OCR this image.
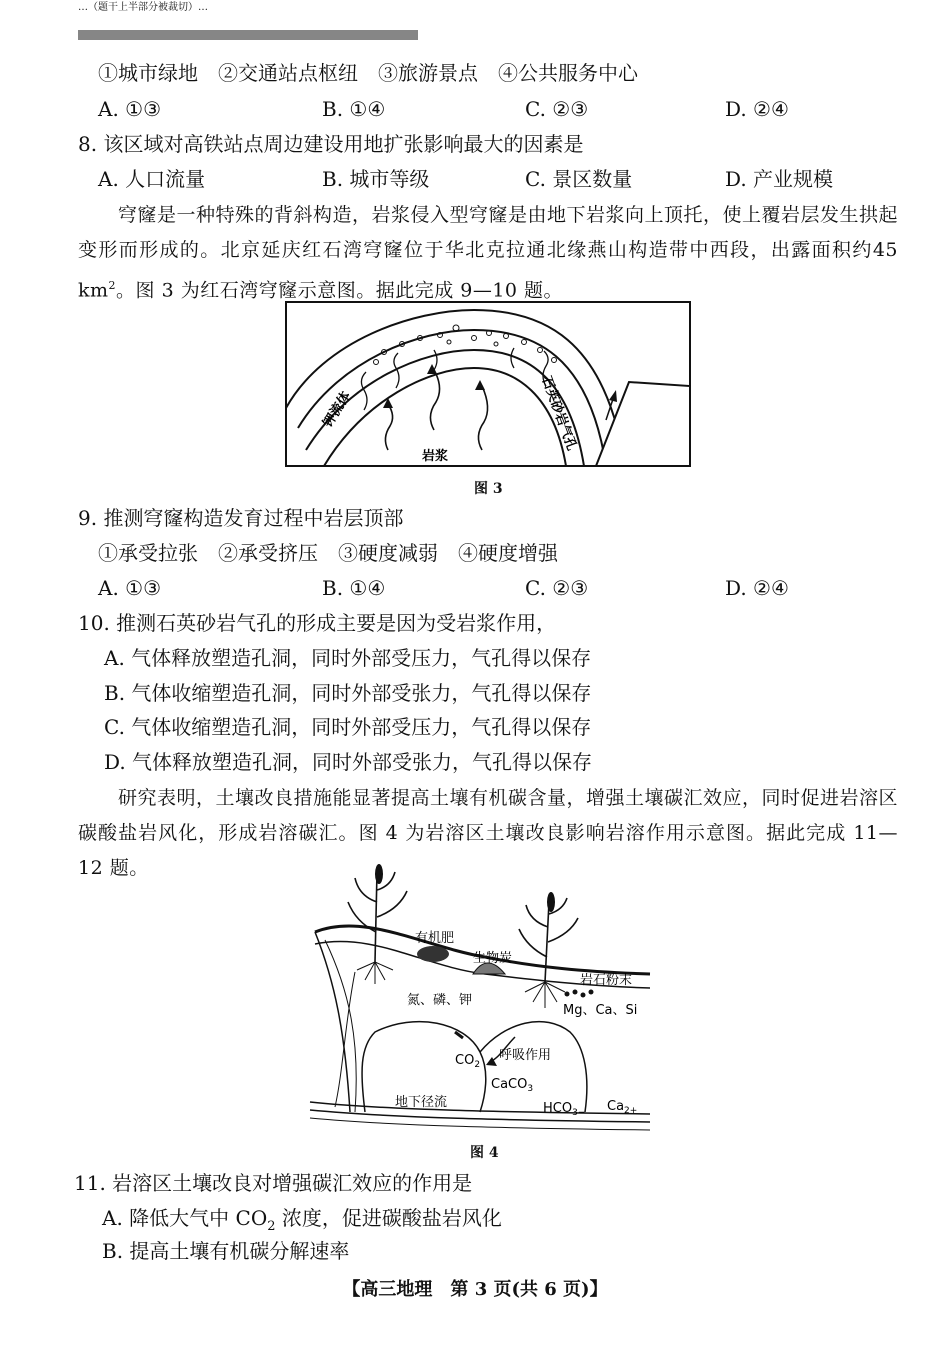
…（题干上半部分被裁切）…
①城市绿地　②交通站点枢纽　③旅游景点　④公共服务中心
A. ①③	B. ①④	C. ②③	D. ②④
8. 该区域对高铁站点周边建设用地扩张影响最大的因素是
A. 人口流量	B. 城市等级	C. 景区数量	D. 产业规模
穹窿是一种特殊的背斜构造，岩浆侵入型穹窿是由地下岩浆向上顶托，使上覆岩层发生拱起变形而形成的。北京延庆红石湾穹窿位于华北克拉通北缘燕山构造带中西段，出露面积约45 $km^2$。图 3 为红石湾穹窿示意图。据此完成 9—10 题。
钾流体	石英砂岩气孔
岩浆
图 3
9. 推测穹窿构造发育过程中岩层顶部
①承受拉张　②承受挤压　③硬度减弱　④硬度增强
A. ①③	B. ①④	C. ②③	D. ②④
10. 推测石英砂岩气孔的形成主要是因为受岩浆作用，
A. 气体释放塑造孔洞，同时外部受压力，气孔得以保存
B. 气体收缩塑造孔洞，同时外部受张力，气孔得以保存
C. 气体收缩塑造孔洞，同时外部受压力，气孔得以保存
D. 气体释放塑造孔洞，同时外部受张力，气孔得以保存
研究表明，土壤改良措施能显著提高土壤有机碳含量，增强土壤碳汇效应，同时促进岩溶区碳酸盐岩风化，形成岩溶碳汇。图 4 为岩溶区土壤改良影响岩溶作用示意图。据此完成 11—12 题。
有机肥
生物炭
氮、磷、钾
岩石粉末
Mg、Ca、Si
$CO_2$
呼吸作用
地下径流
CaCO$_3$
$HCO_{3-}$ $Ca_{2+}$
图 4
11. 岩溶区土壤改良对增强碳汇效应的作用是
A. 降低大气中 $CO_2$ 浓度，促进碳酸盐岩风化
B. 提高土壤有机碳分解速率
【高三地理　第 3 页(共 6 页)】
